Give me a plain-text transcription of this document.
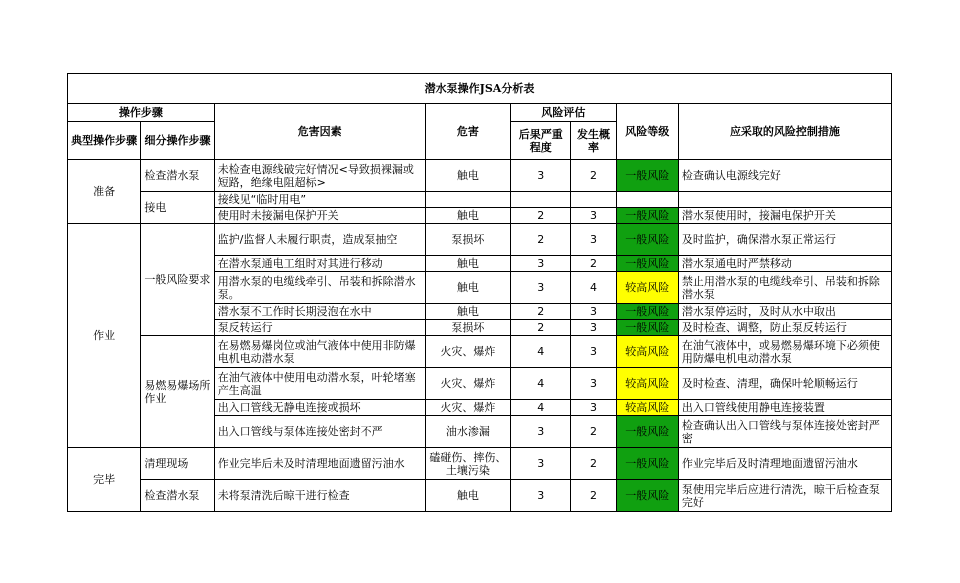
潜水泵操作JSA分析表							
操作步骤		危害因素	危害	风险评估		风险等级	应采取的风险控制措施
典型操作步骤	细分操作步骤			后果严重程度	发生概率		
准备	检查潜水泵	未检查电源线破完好情况<导致损裸漏或短路，绝缘电阻超标>	触电	3	2	一般风险	检查确认电源线完好
	接电	接线见“临时用电”					
		使用时未接漏电保护开关	触电	2	3	一般风险	潜水泵使用时，接漏电保护开关
作业	一般风险要求	监护/监督人未履行职责，造成泵抽空	泵损坏	2	3	一般风险	及时监护，确保潜水泵正常运行
		在潜水泵通电工组时对其进行移动	触电	3	2	一般风险	潜水泵通电时严禁移动
		用潜水泵的电缆线牵引、吊装和拆除潜水泵。	触电	3	4	较高风险	禁止用潜水泵的电缆线牵引、吊装和拆除潜水泵
		潜水泵不工作时长期浸泡在水中	触电	2	3	一般风险	潜水泵停运时，及时从水中取出
		泵反转运行	泵损坏	2	3	一般风险	及时检查、调整，防止泵反转运行
	易燃易爆场所作业	在易燃易爆岗位或油气液体中使用非防爆电机电动潜水泵	火灾、爆炸	4	3	较高风险	在油气液体中，或易燃易爆环境下必须使用防爆电机电动潜水泵
		在油气液体中使用电动潜水泵，叶轮堵塞产生高温	火灾、爆炸	4	3	较高风险	及时检查、清理，确保叶轮顺畅运行
		出入口管线无静电连接或损坏	火灾、爆炸	4	3	较高风险	出入口管线使用静电连接装置
		出入口管线与泵体连接处密封不严	油水渗漏	3	2	一般风险	检查确认出入口管线与泵体连接处密封严密
完毕	清理现场	作业完毕后未及时清理地面遗留污油水	磕碰伤、摔伤、土壤污染	3	2	一般风险	作业完毕后及时清理地面遗留污油水
	检查潜水泵	未将泵清洗后晾干进行检查	触电	3	2	一般风险	泵使用完毕后应进行清洗，晾干后检查泵完好
